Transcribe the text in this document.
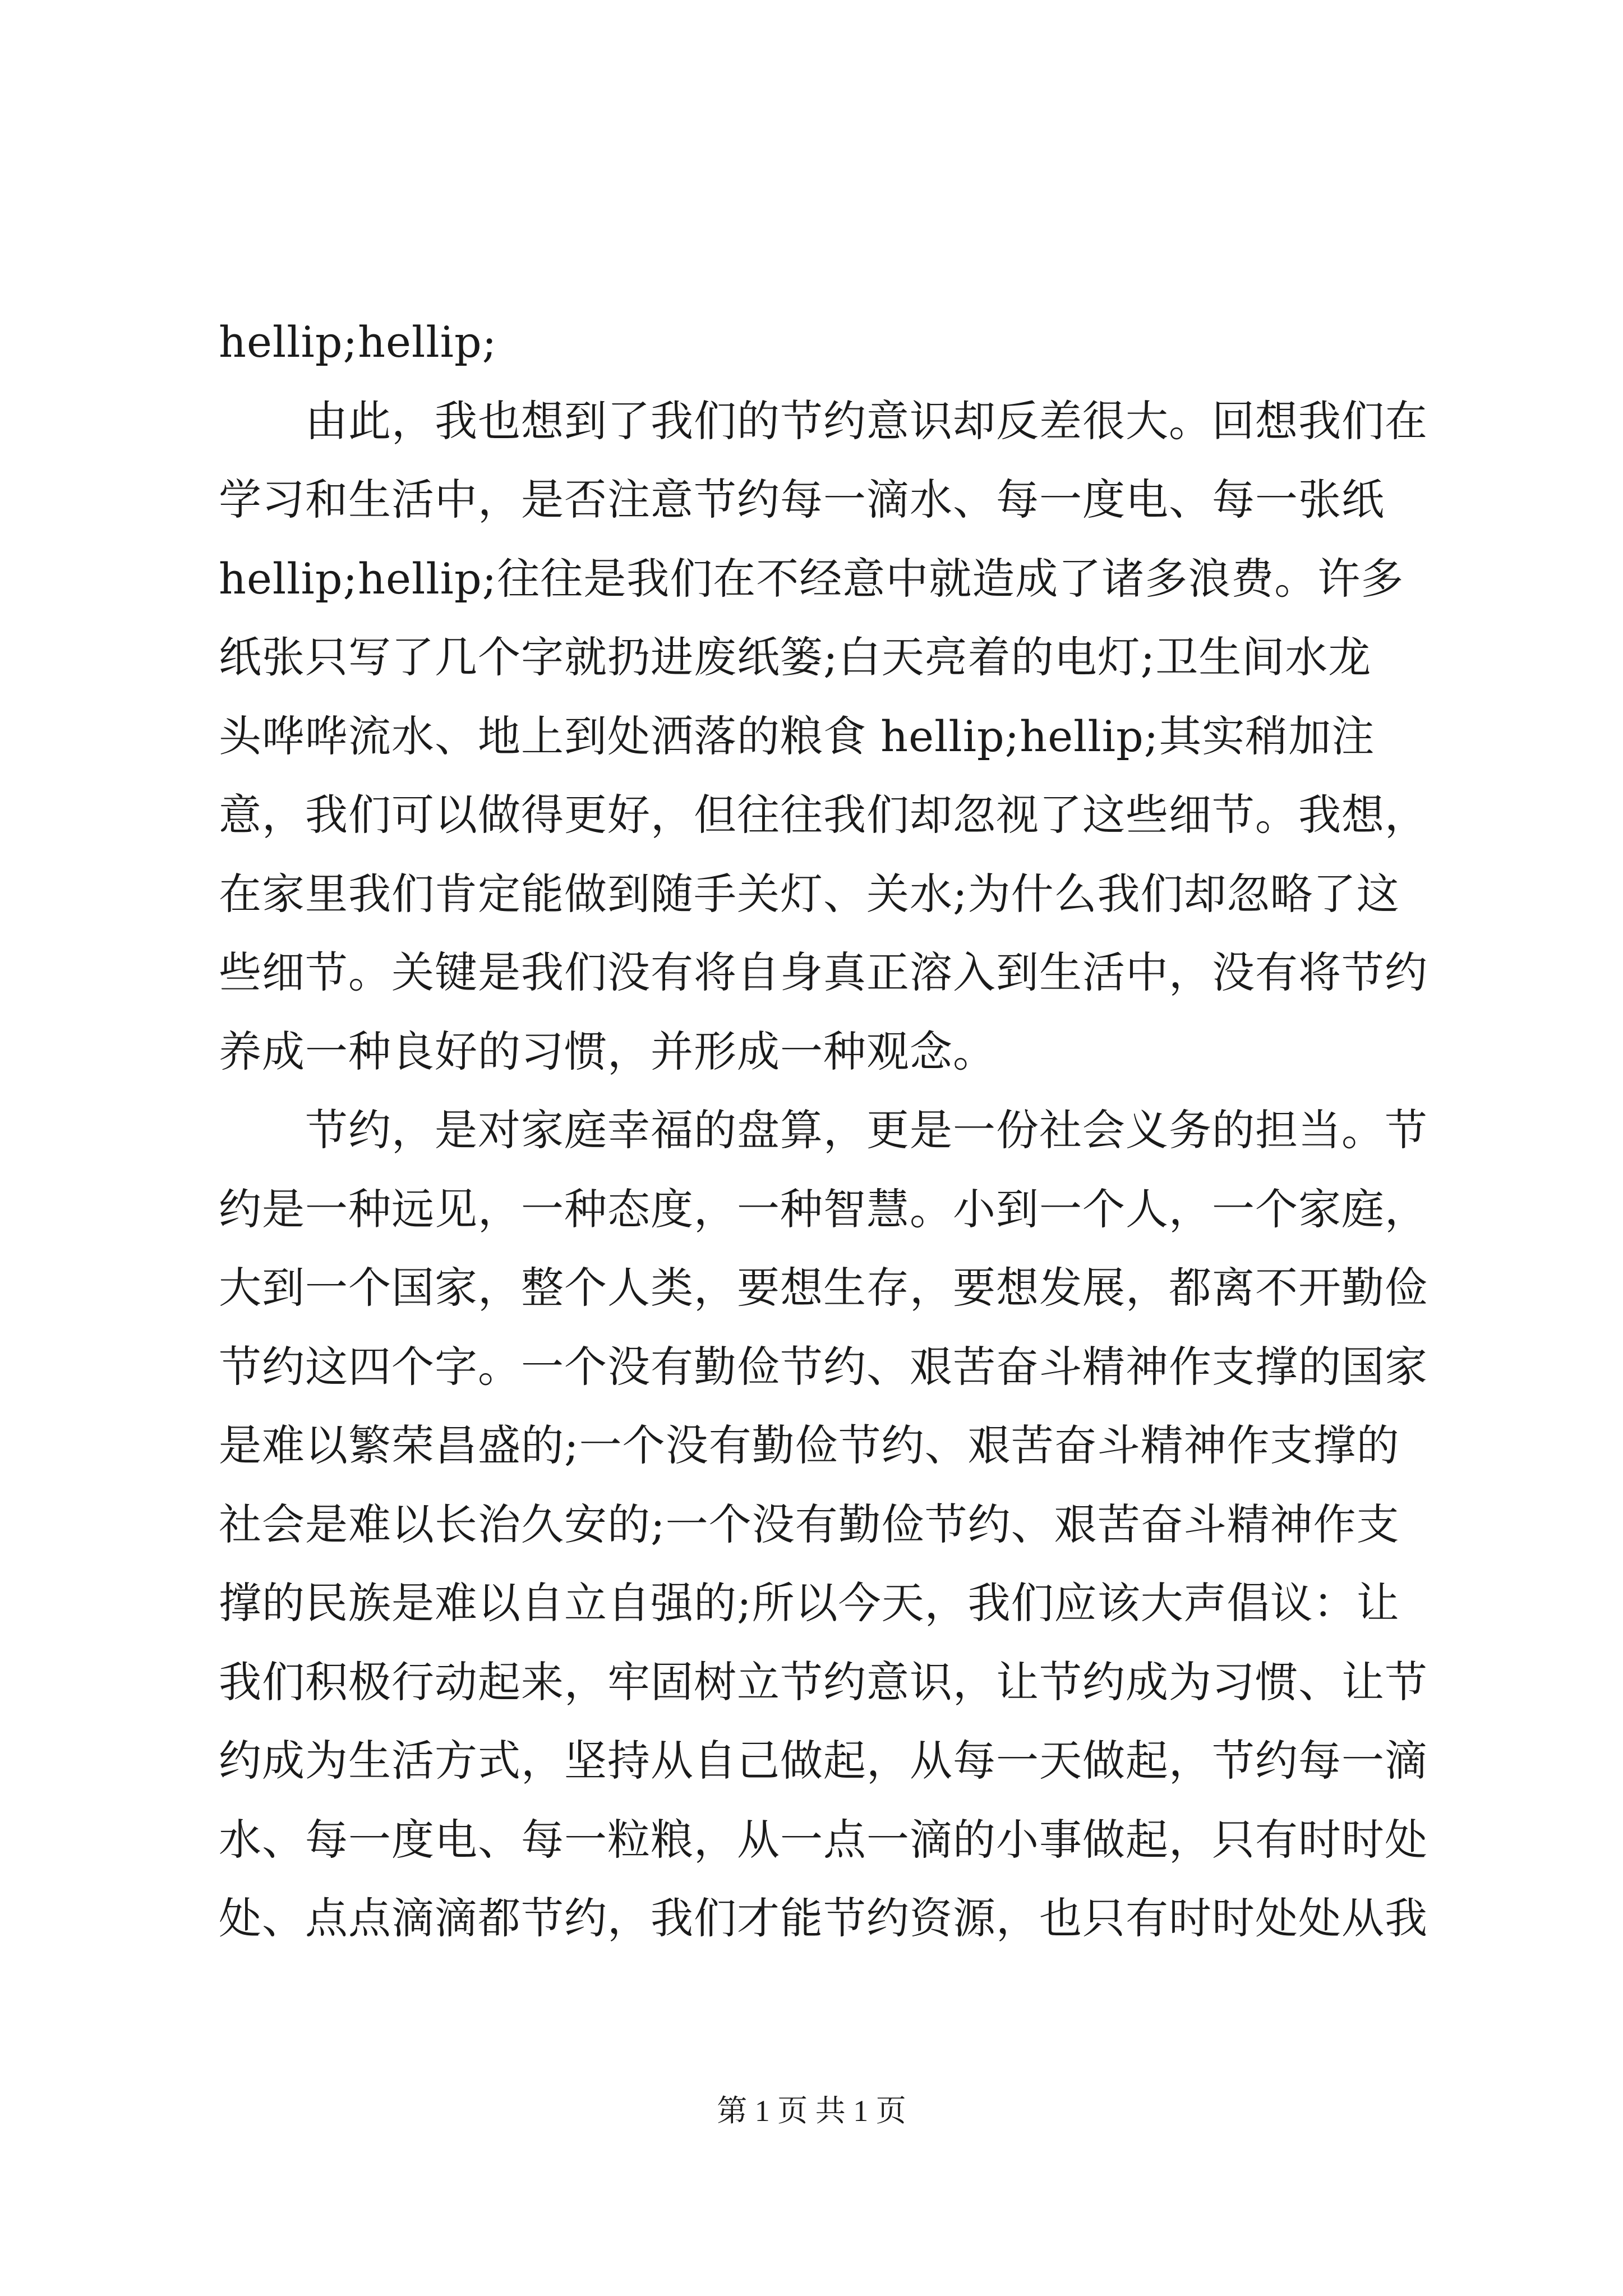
hellip;hellip;
　　由此，我也想到了我们的节约意识却反差很大。回想我们在
学习和生活中，是否注意节约每一滴水、每一度电、每一张纸
hellip;hellip;往往是我们在不经意中就造成了诸多浪费。许多
纸张只写了几个字就扔进废纸篓;白天亮着的电灯;卫生间水龙
头哗哗流水、地上到处洒落的粮食 hellip;hellip;其实稍加注
意，我们可以做得更好，但往往我们却忽视了这些细节。我想，
在家里我们肯定能做到随手关灯、关水;为什么我们却忽略了这
些细节。关键是我们没有将自身真正溶入到生活中，没有将节约
养成一种良好的习惯，并形成一种观念。
　　节约，是对家庭幸福的盘算，更是一份社会义务的担当。节
约是一种远见，一种态度，一种智慧。小到一个人，一个家庭，
大到一个国家，整个人类，要想生存，要想发展，都离不开勤俭
节约这四个字。一个没有勤俭节约、艰苦奋斗精神作支撑的国家
是难以繁荣昌盛的;一个没有勤俭节约、艰苦奋斗精神作支撑的
社会是难以长治久安的;一个没有勤俭节约、艰苦奋斗精神作支
撑的民族是难以自立自强的;所以今天，我们应该大声倡议：让
我们积极行动起来，牢固树立节约意识，让节约成为习惯、让节
约成为生活方式，坚持从自己做起，从每一天做起，节约每一滴
水、每一度电、每一粒粮，从一点一滴的小事做起，只有时时处
处、点点滴滴都节约，我们才能节约资源，也只有时时处处从我
第 1 页 共 1 页
